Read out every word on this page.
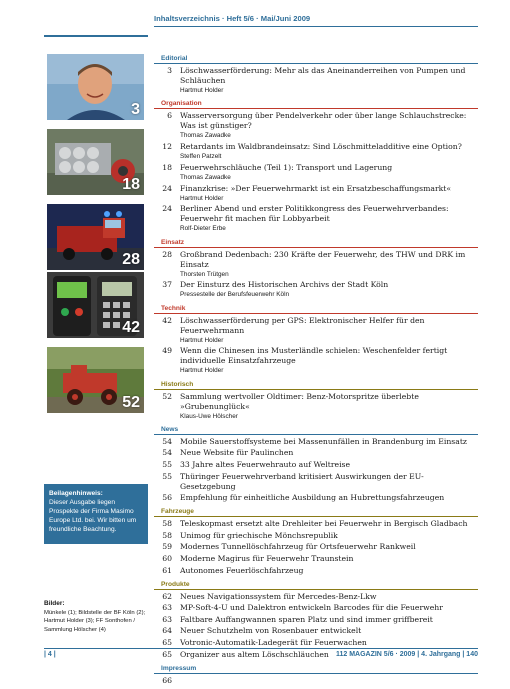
Inhaltsverzeichnis · Heft 5/6 · Mai/Juni 2009
3
18
28
42
52
Beilagenhinweis:
Dieser Ausgabe liegen Prospekte der Firma Masimo Europe Ltd. bei. Wir bitten um freundliche Beachtung.
Bilder:
Münkele (1); Bildstelle der BF Köln (2); Hartmut Holder (3); FF Sonthofen / Sammlung Hölscher (4)
Editorial
3 Löschwasserförderung: Mehr als das Aneinanderreihen von Pumpen und Schläuchen
Hartmut Holder
Organisation
6 Wasserversorgung über Pendelverkehr oder über lange Schlauchstrecke: Was ist günstiger?
Thomas Zawadke
12 Retardants im Waldbrandeinsatz: Sind Löschmitteladditive eine Option?
Steffen Patzelt
18 Feuerwehrschläuche (Teil 1): Transport und Lagerung
Thomas Zawadke
24 Finanzkrise: »Der Feuerwehrmarkt ist ein Ersatzbeschaffungsmarkt«
Hartmut Holder
24 Berliner Abend und erster Politikkongress des Feuerwehrverbandes: Feuerwehr fit machen für Lobbyarbeit
Rolf-Dieter Erbe
Einsatz
28 Großbrand Dedenbach: 230 Kräfte der Feuerwehr, des THW und DRK im Einsatz
Thorsten Trütgen
37 Der Einsturz des Historischen Archivs der Stadt Köln
Pressestelle der Berufsfeuerwehr Köln
Technik
42 Löschwasserförderung per GPS: Elektronischer Helfer für den Feuerwehrmann
Hartmut Holder
49 Wenn die Chinesen ins Musterländle schielen: Weschenfelder fertigt individuelle Einsatzfahrzeuge
Hartmut Holder
Historisch
52 Sammlung wertvoller Oldtimer: Benz-Motorspritze überlebte »Grubenunglück«
Klaus-Uwe Hölscher
News
54 Mobile Sauerstoffsysteme bei Massenunfällen in Brandenburg im Einsatz
54 Neue Website für Paulinchen
55 33 Jahre altes Feuerwehrauto auf Weltreise
55 Thüringer Feuerwehrverband kritisiert Auswirkungen der EU-Gesetzgebung
56 Empfehlung für einheitliche Ausbildung an Hubrettungsfahrzeugen
Fahrzeuge
58 Teleskopmast ersetzt alte Drehleiter bei Feuerwehr in Bergisch Gladbach
58 Unimog für griechische Mönchsrepublik
59 Modernes Tunnellöschfahrzeug für Ortsfeuerwehr Rankweil
60 Moderne Magirus für Feuerwehr Traunstein
61 Autonomes Feuerlöschfahrzeug
Produkte
62 Neues Navigationssystem für Mercedes-Benz-Lkw
63 MP-Soft-4-U und Dalektron entwickeln Barcodes für die Feuerwehr
63 Faltbare Auffangwannen sparen Platz und sind immer griffbereit
64 Neuer Schutzhelm von Rosenbauer entwickelt
65 Votronic-Automatik-Ladegerät für Feuerwachen
65 Organizer aus altem Löschschläuchen
Impressum
66

| 4 |	112 MAGAZIN 5/6 · 2009 | 4. Jahrgang | 140
